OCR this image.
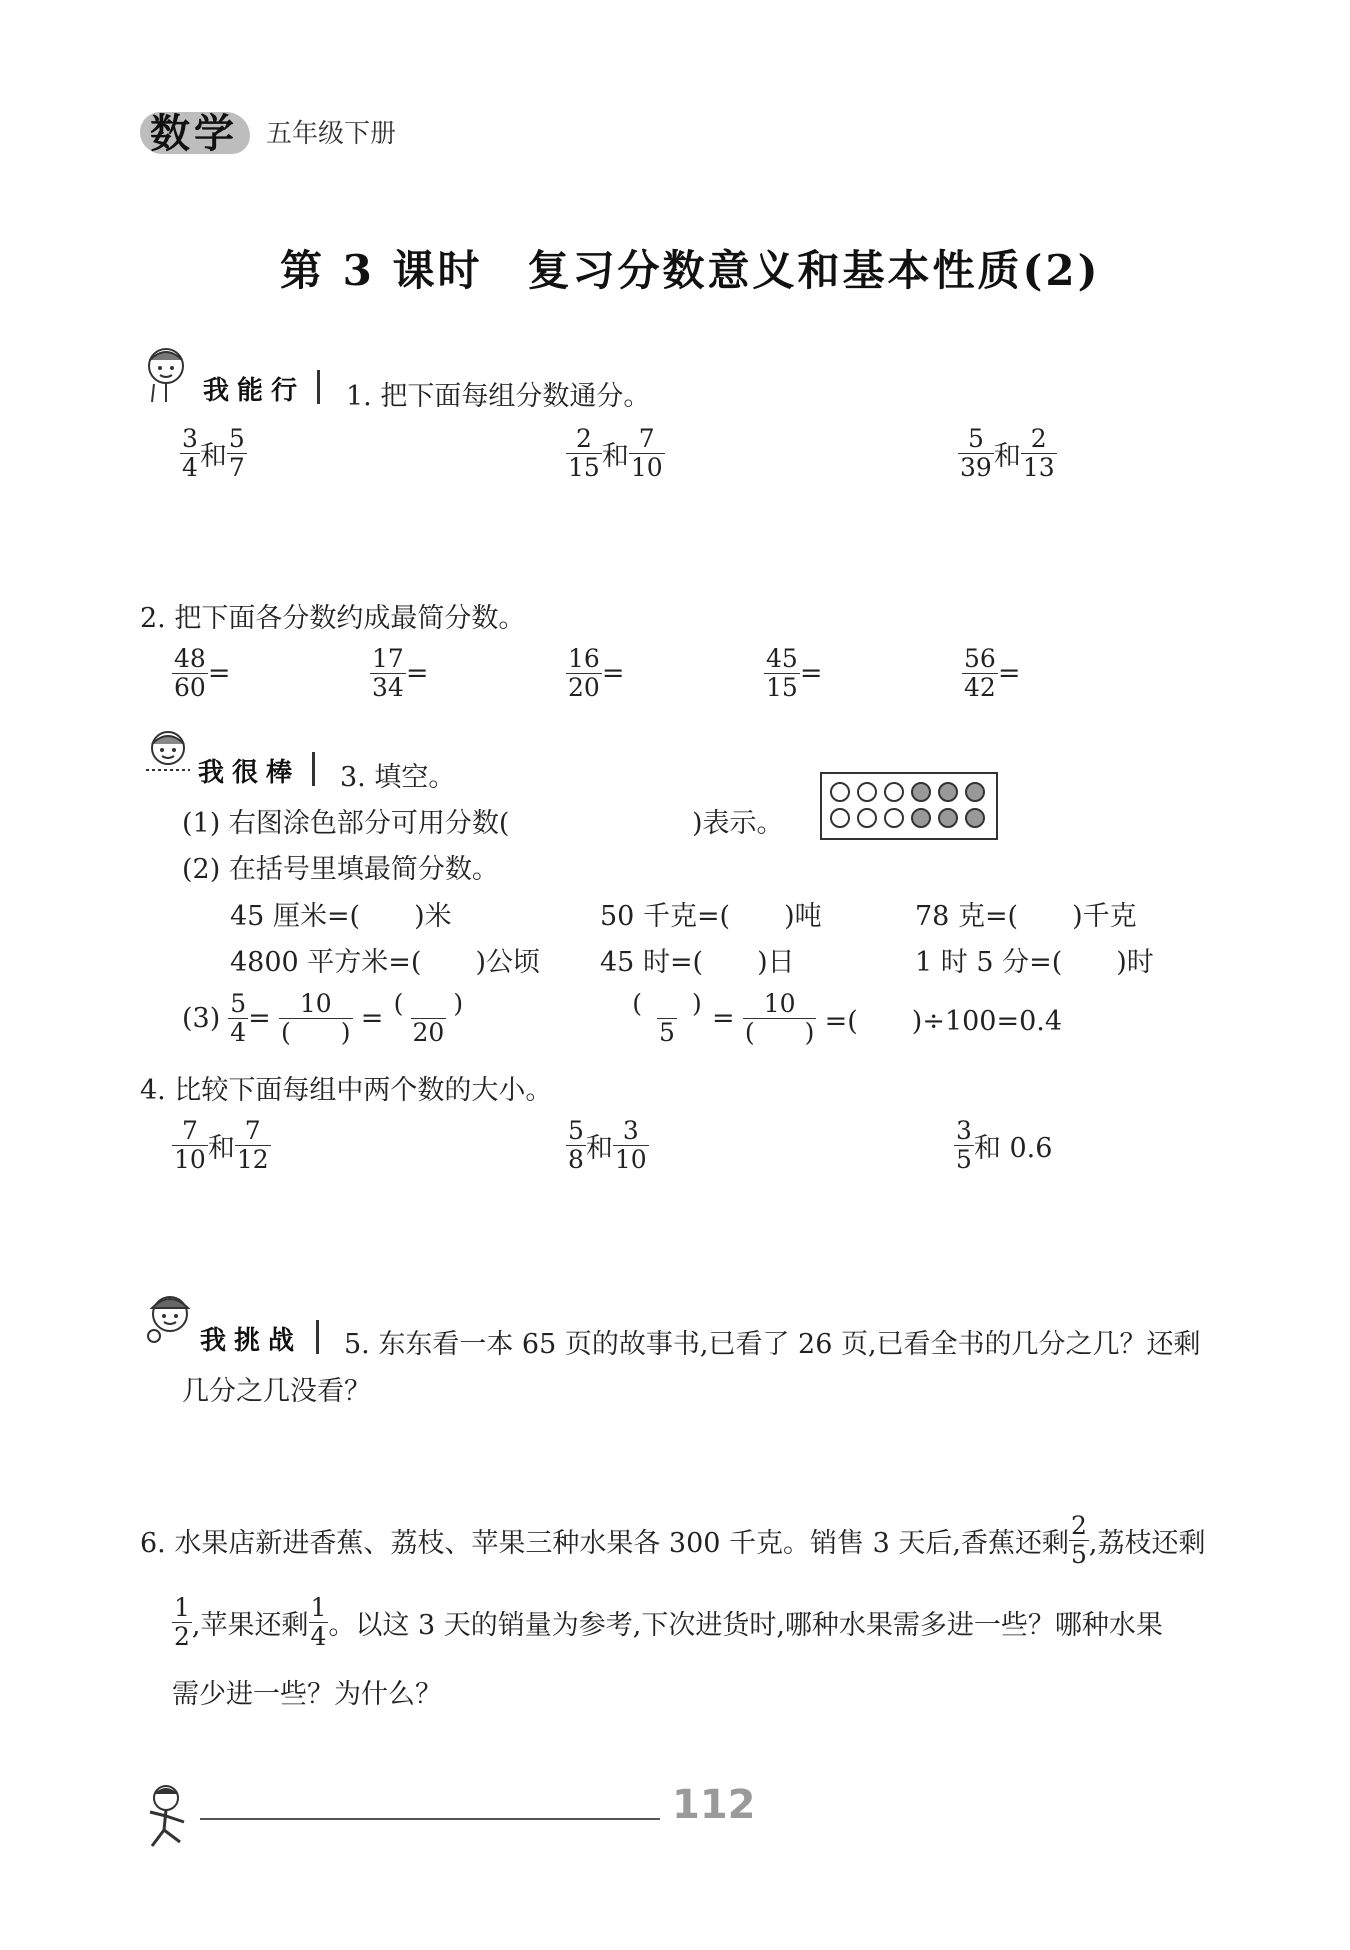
数学 五年级下册
第 3 课时　复习分数意义和基本性质(2)
我能行 1. 把下面每组分数通分。
$\frac{3}{4}$ 和 $\frac{5}{7}$	$\frac{2}{15}$ 和 $\frac{7}{10}$	$\frac{5}{39}$ 和 $\frac{2}{13}$
2. 把下面各分数约成最简分数。
$\frac{48}{60}$ =	$\frac{17}{34}$ =	$\frac{16}{20}$ =	$\frac{45}{15}$ =	$\frac{56}{42}$ =
我很棒 3. 填空。
(1) 右图涂色部分可用分数(	)表示。
(2) 在括号里填最简分数。
45 厘米=(　　)米	50 千克=(　　)吨	78 克=(　　)千克
4800 平方米=(　　)公顷 45 时=(　　)日	1 时 5 分=(　　)时
$(3) \frac{5}{4} = \frac{10}{( )} = \frac{( )}{20}$	$\frac{( )}{5} = \frac{10}{( )}$ =(　　)÷100=0.4
4. 比较下面每组中两个数的大小。
$\frac{7}{10}$ 和 $\frac{7}{12}$	$\frac{5}{8}$ 和 $\frac{3}{10}$	$\frac{3}{5}$ 和 0.6
我挑战 5. 东东看一本 65 页的故事书,已看了 26 页,已看全书的几分之几？还剩
几分之几没看？
6. 水果店新进香蕉、荔枝、苹果三种水果各 300 千克。销售 3 天后,香蕉还剩 $\frac{2}{5}$ ,荔枝还剩
$\frac{1}{2}$ ,苹果还剩 $\frac{1}{4}$ 。以这 3 天的销量为参考,下次进货时,哪种水果需多进一些？哪种水果
需少进一些？为什么？
112
